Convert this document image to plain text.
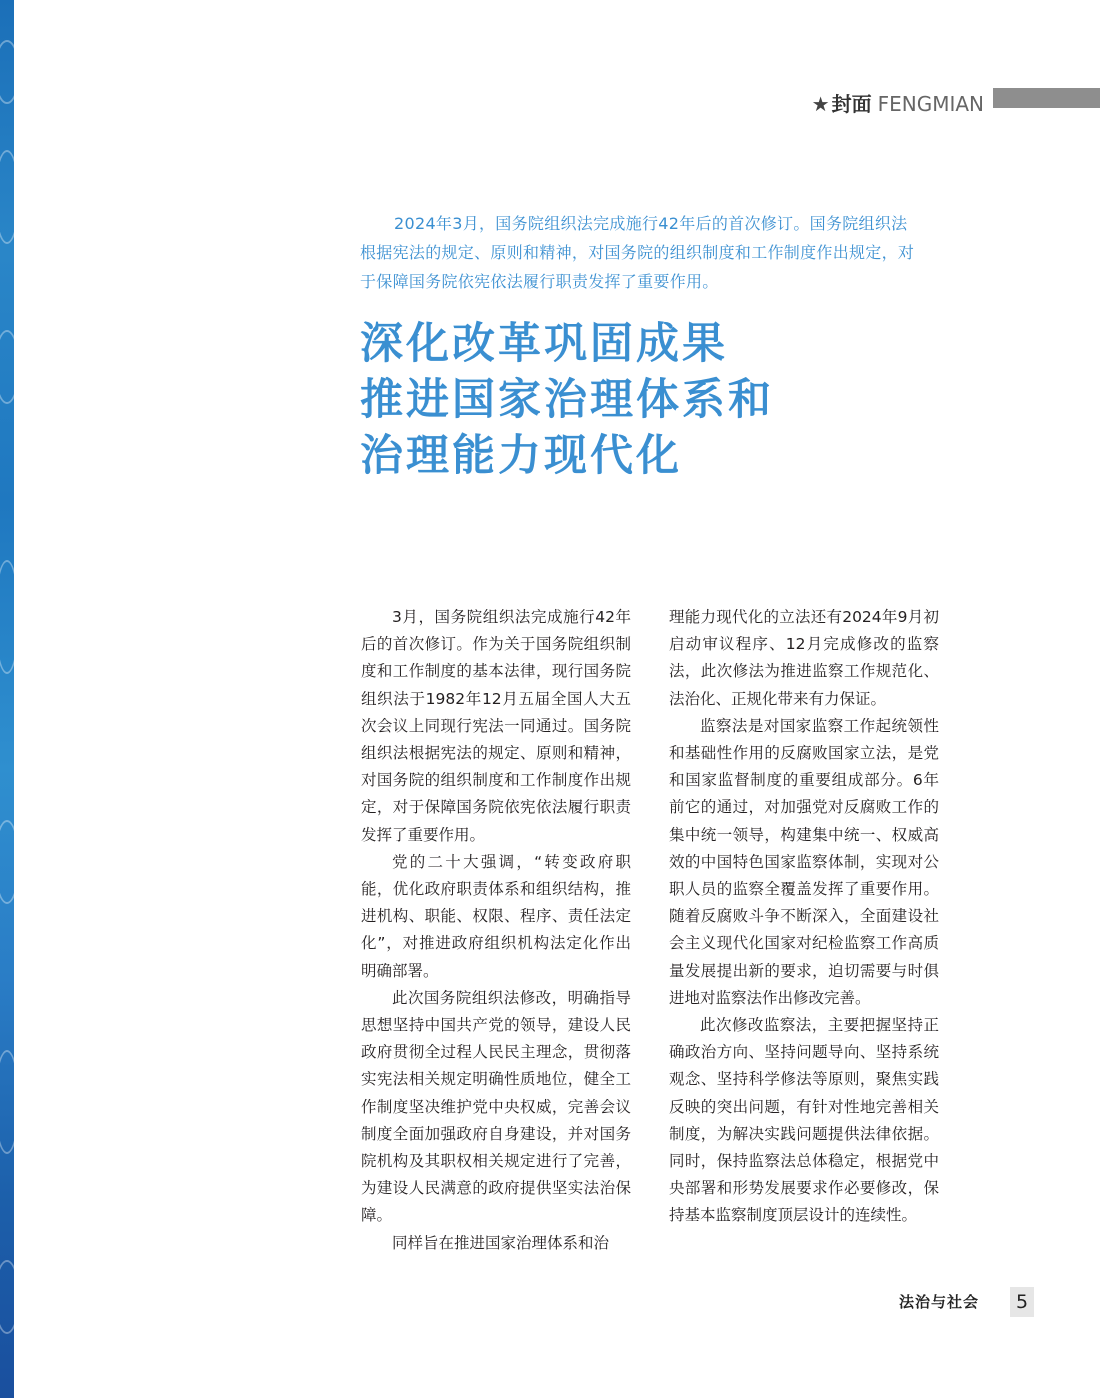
★ 封面 FENGMIAN
2024年3月，国务院组织法完成施行42年后的首次修订。国务院组织法根据宪法的规定、原则和精神，对国务院的组织制度和工作制度作出规定，对于保障国务院依宪依法履行职责发挥了重要作用。
深化改革巩固成果
推进国家治理体系和
治理能力现代化

3月，国务院组织法完成施行42年后的首次修订。作为关于国务院组织制度和工作制度的基本法律，现行国务院组织法于1982年12月五届全国人大五次会议上同现行宪法一同通过。国务院组织法根据宪法的规定、原则和精神，对国务院的组织制度和工作制度作出规定，对于保障国务院依宪依法履行职责发挥了重要作用。

党的二十大强调，“转变政府职能，优化政府职责体系和组织结构，推进机构、职能、权限、程序、责任法定化”，对推进政府组织机构法定化作出明确部署。

此次国务院组织法修改，明确指导思想坚持中国共产党的领导，建设人民政府贯彻全过程人民民主理念，贯彻落实宪法相关规定明确性质地位，健全工作制度坚决维护党中央权威，完善会议制度全面加强政府自身建设，并对国务院机构及其职权相关规定进行了完善，为建设人民满意的政府提供坚实法治保障。

同样旨在推进国家治理体系和治

理能力现代化的立法还有2024年9月初启动审议程序、12月完成修改的监察法，此次修法为推进监察工作规范化、法治化、正规化带来有力保证。

监察法是对国家监察工作起统领性和基础性作用的反腐败国家立法，是党和国家监督制度的重要组成部分。6年前它的通过，对加强党对反腐败工作的集中统一领导，构建集中统一、权威高效的中国特色国家监察体制，实现对公职人员的监察全覆盖发挥了重要作用。随着反腐败斗争不断深入，全面建设社会主义现代化国家对纪检监察工作高质量发展提出新的要求，迫切需要与时俱进地对监察法作出修改完善。

此次修改监察法，主要把握坚持正确政治方向、坚持问题导向、坚持系统观念、坚持科学修法等原则，聚焦实践反映的突出问题，有针对性地完善相关制度，为解决实践问题提供法律依据。同时，保持监察法总体稳定，根据党中央部署和形势发展要求作必要修改，保持基本监察制度顶层设计的连续性。

法治与社会 5
